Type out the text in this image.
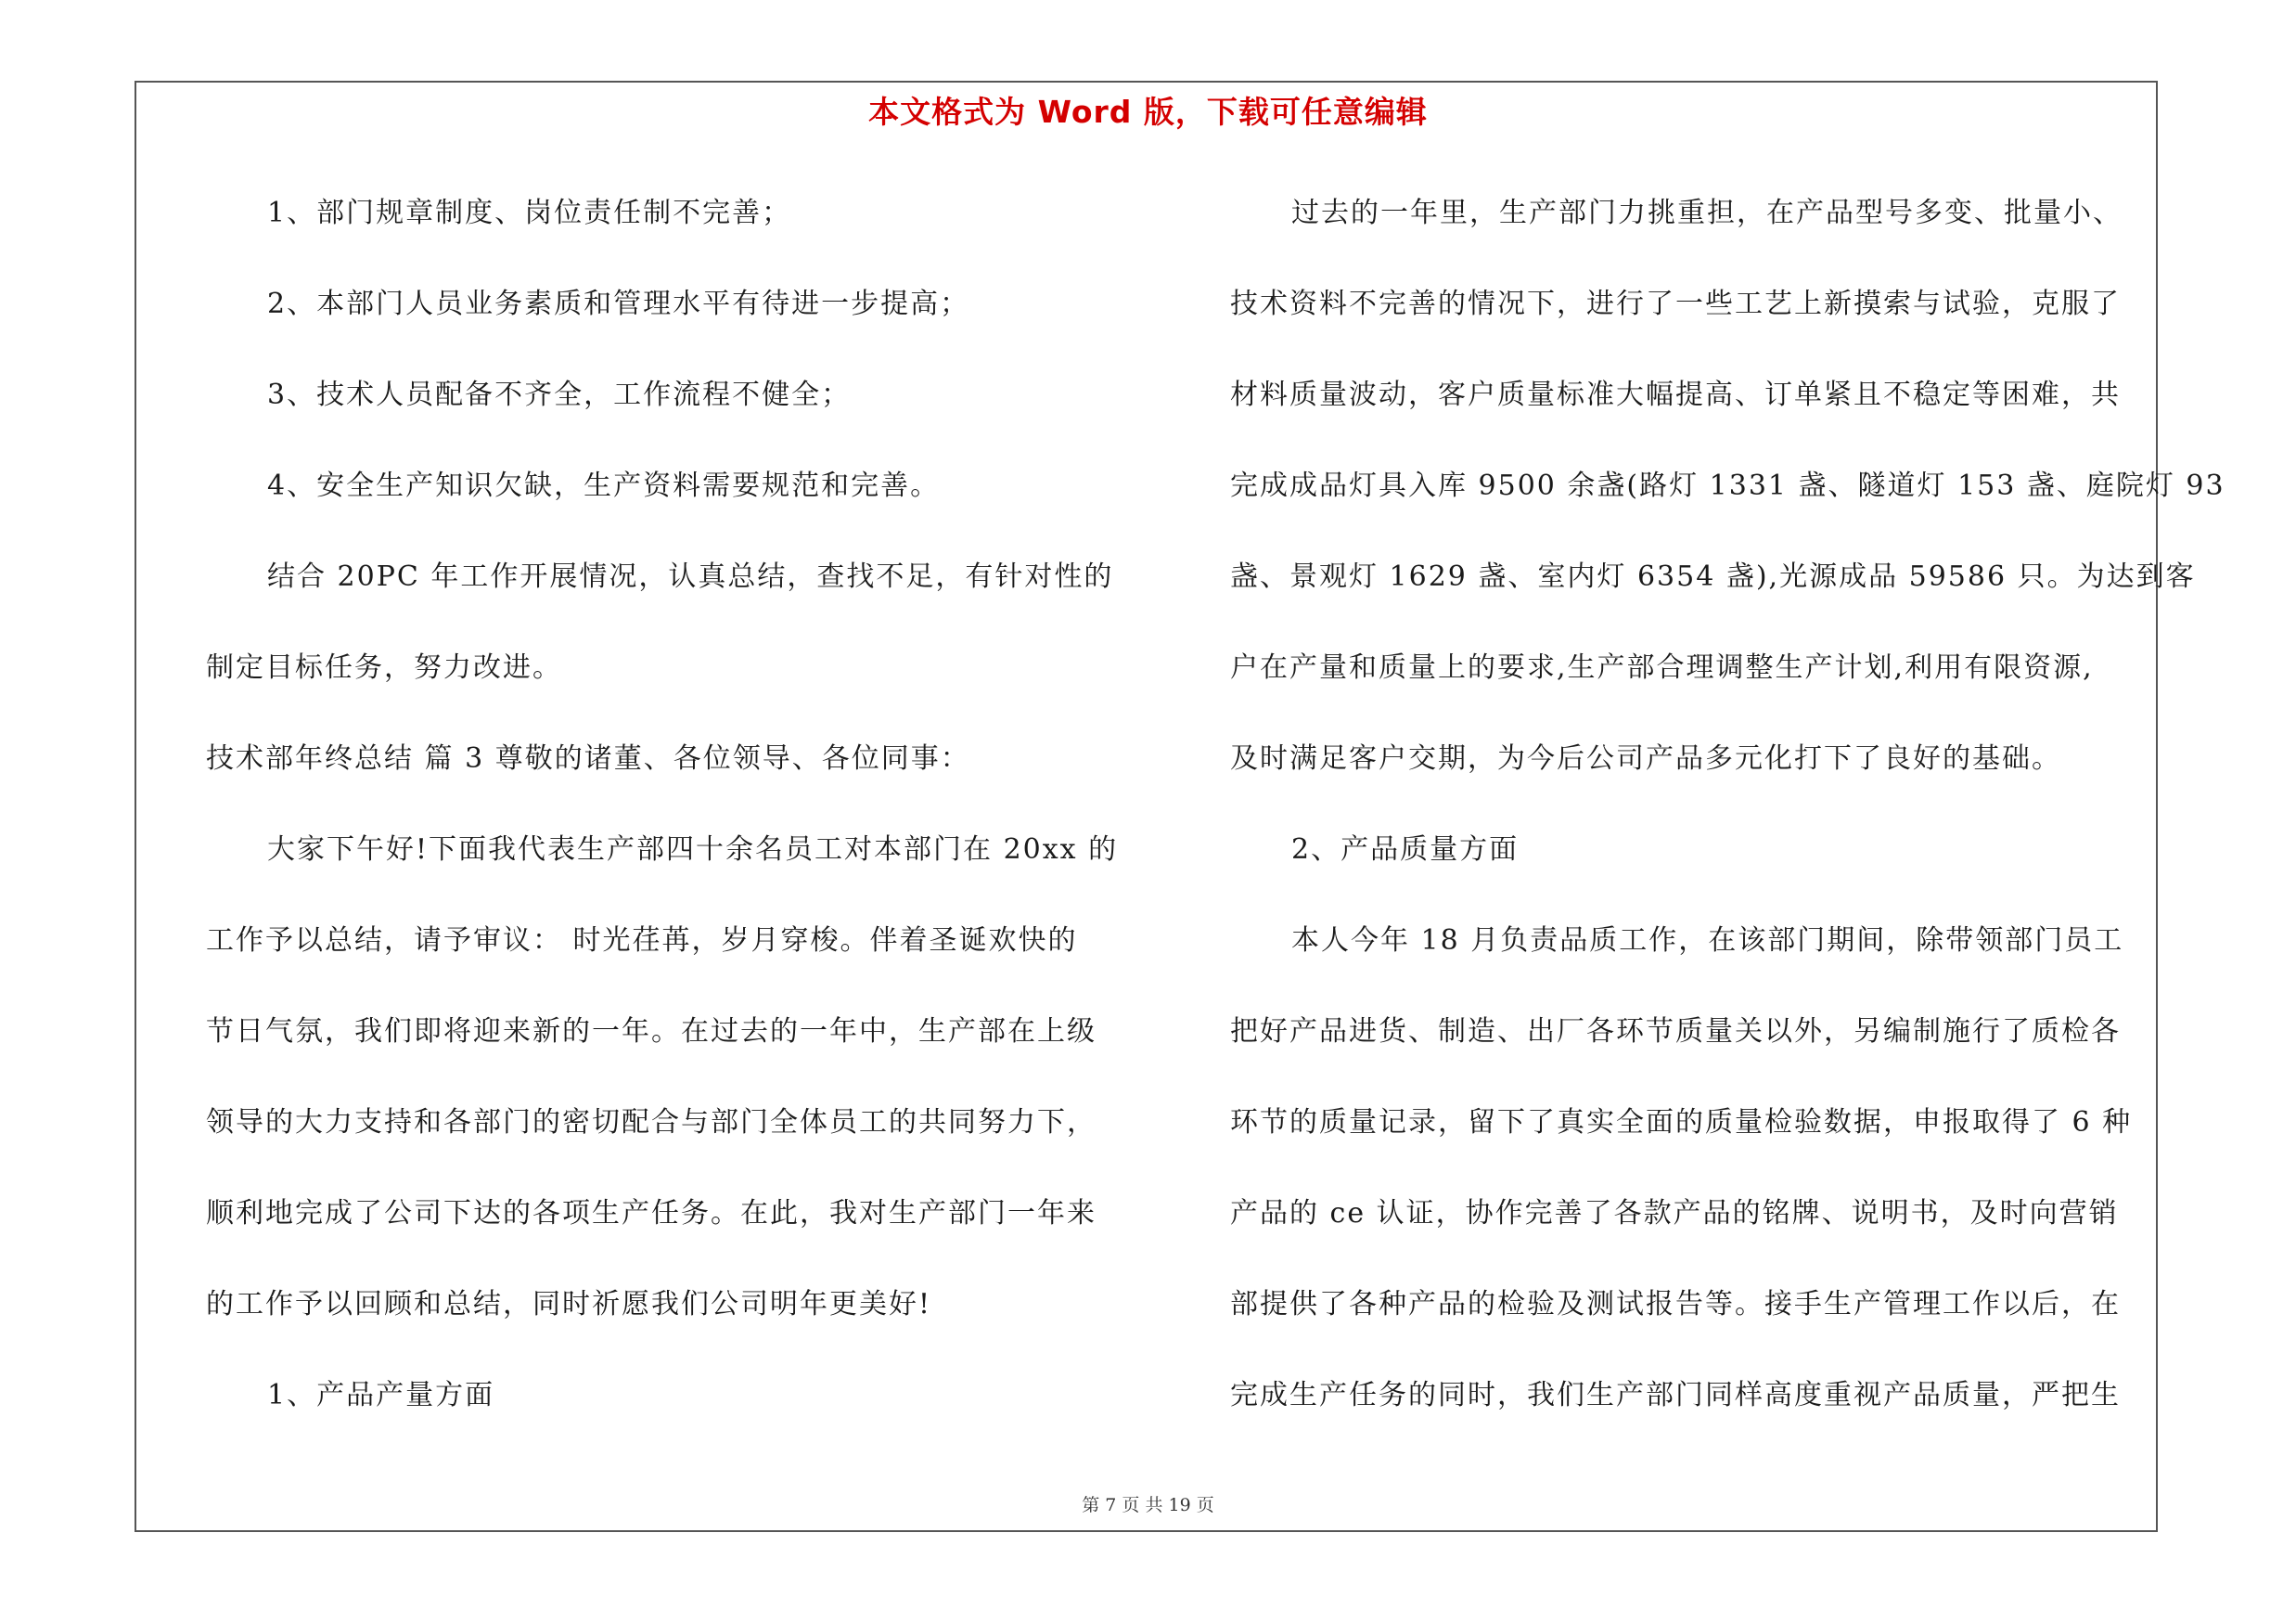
本文格式为 Word 版，下载可任意编辑
1、部门规章制度、岗位责任制不完善；
2、本部门人员业务素质和管理水平有待进一步提高；
3、技术人员配备不齐全，工作流程不健全；
4、安全生产知识欠缺，生产资料需要规范和完善。
结合 20PC 年工作开展情况，认真总结，查找不足，有针对性的
制定目标任务，努力改进。
技术部年终总结 篇 3 尊敬的诸董、各位领导、各位同事：
大家下午好!下面我代表生产部四十余名员工对本部门在 20xx 的
工作予以总结，请予审议： 时光荏苒，岁月穿梭。伴着圣诞欢快的
节日气氛，我们即将迎来新的一年。在过去的一年中，生产部在上级
领导的大力支持和各部门的密切配合与部门全体员工的共同努力下，
顺利地完成了公司下达的各项生产任务。在此，我对生产部门一年来
的工作予以回顾和总结，同时祈愿我们公司明年更美好!
1、产品产量方面
过去的一年里，生产部门力挑重担，在产品型号多变、批量小、
技术资料不完善的情况下，进行了一些工艺上新摸索与试验，克服了
材料质量波动，客户质量标准大幅提高、订单紧且不稳定等困难，共
完成成品灯具入库 9500 余盏(路灯 1331 盏、隧道灯 153 盏、庭院灯 93
盏、景观灯 1629 盏、室内灯 6354 盏),光源成品 59586 只。为达到客
户在产量和质量上的要求,生产部合理调整生产计划,利用有限资源,
及时满足客户交期，为今后公司产品多元化打下了良好的基础。
2、产品质量方面
本人今年 18 月负责品质工作，在该部门期间，除带领部门员工
把好产品进货、制造、出厂各环节质量关以外，另编制施行了质检各
环节的质量记录，留下了真实全面的质量检验数据，申报取得了 6 种
产品的 ce 认证，协作完善了各款产品的铭牌、说明书，及时向营销
部提供了各种产品的检验及测试报告等。接手生产管理工作以后，在
完成生产任务的同时，我们生产部门同样高度重视产品质量，严把生
第 7 页 共 19 页
